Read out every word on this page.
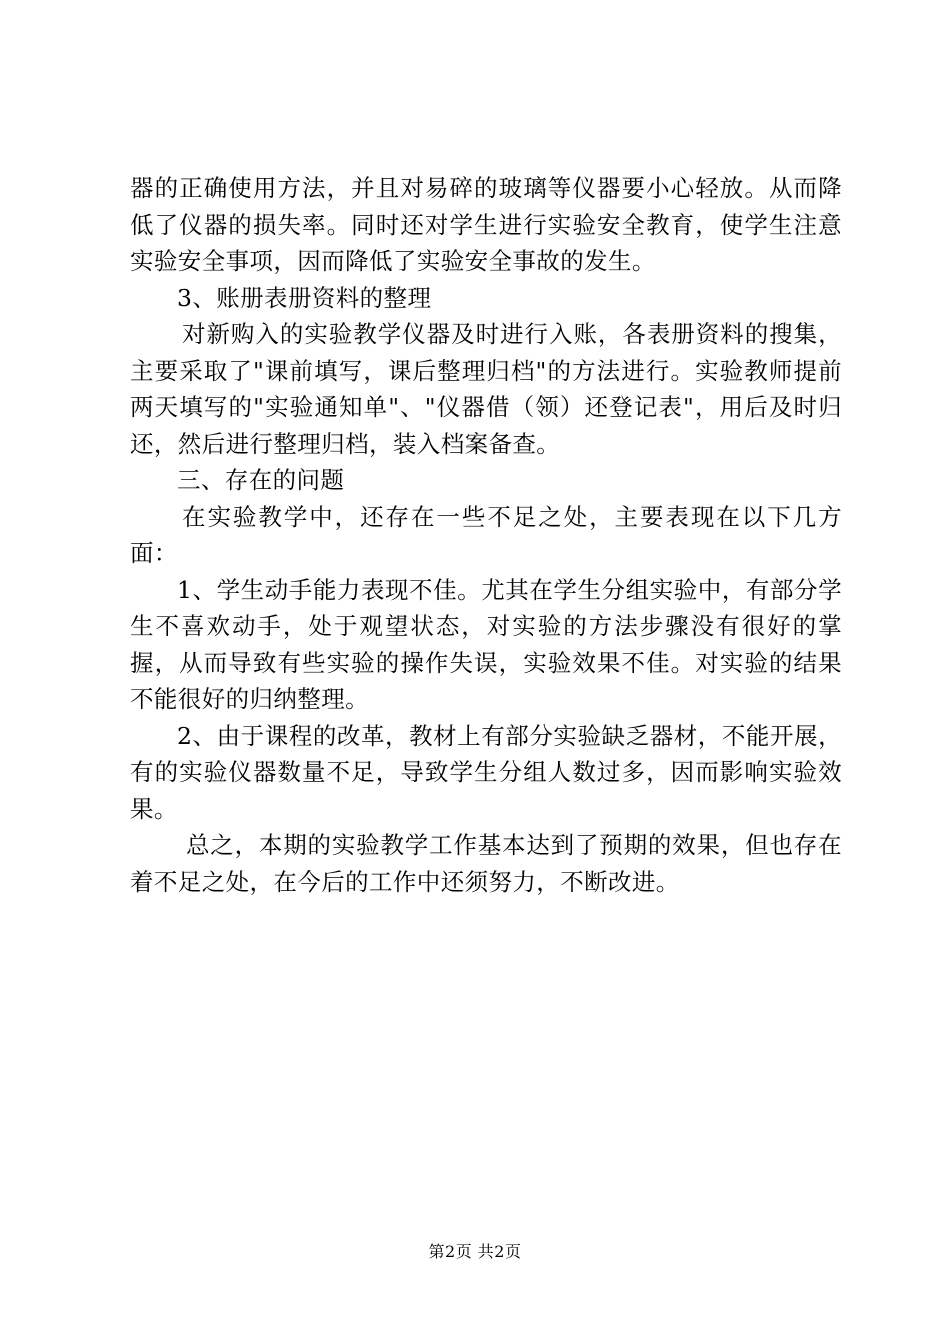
器的正确使用方法，并且对易碎的玻璃等仪器要小心轻放。从而降低了仪器的损失率。同时还对学生进行实验安全教育，使学生注意实验安全事项，因而降低了实验安全事故的发生。

3、账册表册资料的整理

对新购入的实验教学仪器及时进行入账，各表册资料的搜集，主要采取了"课前填写，课后整理归档"的方法进行。实验教师提前两天填写的"实验通知单"、"仪器借（领）还登记表"，用后及时归还，然后进行整理归档，装入档案备查。

三、存在的问题

在实验教学中，还存在一些不足之处，主要表现在以下几方面：

1、学生动手能力表现不佳。尤其在学生分组实验中，有部分学生不喜欢动手，处于观望状态，对实验的方法步骤没有很好的掌握，从而导致有些实验的操作失误，实验效果不佳。对实验的结果不能很好的归纳整理。

2、由于课程的改革，教材上有部分实验缺乏器材，不能开展，有的实验仪器数量不足，导致学生分组人数过多，因而影响实验效果。

总之，本期的实验教学工作基本达到了预期的效果，但也存在着不足之处，在今后的工作中还须努力，不断改进。

第2页 共2页
